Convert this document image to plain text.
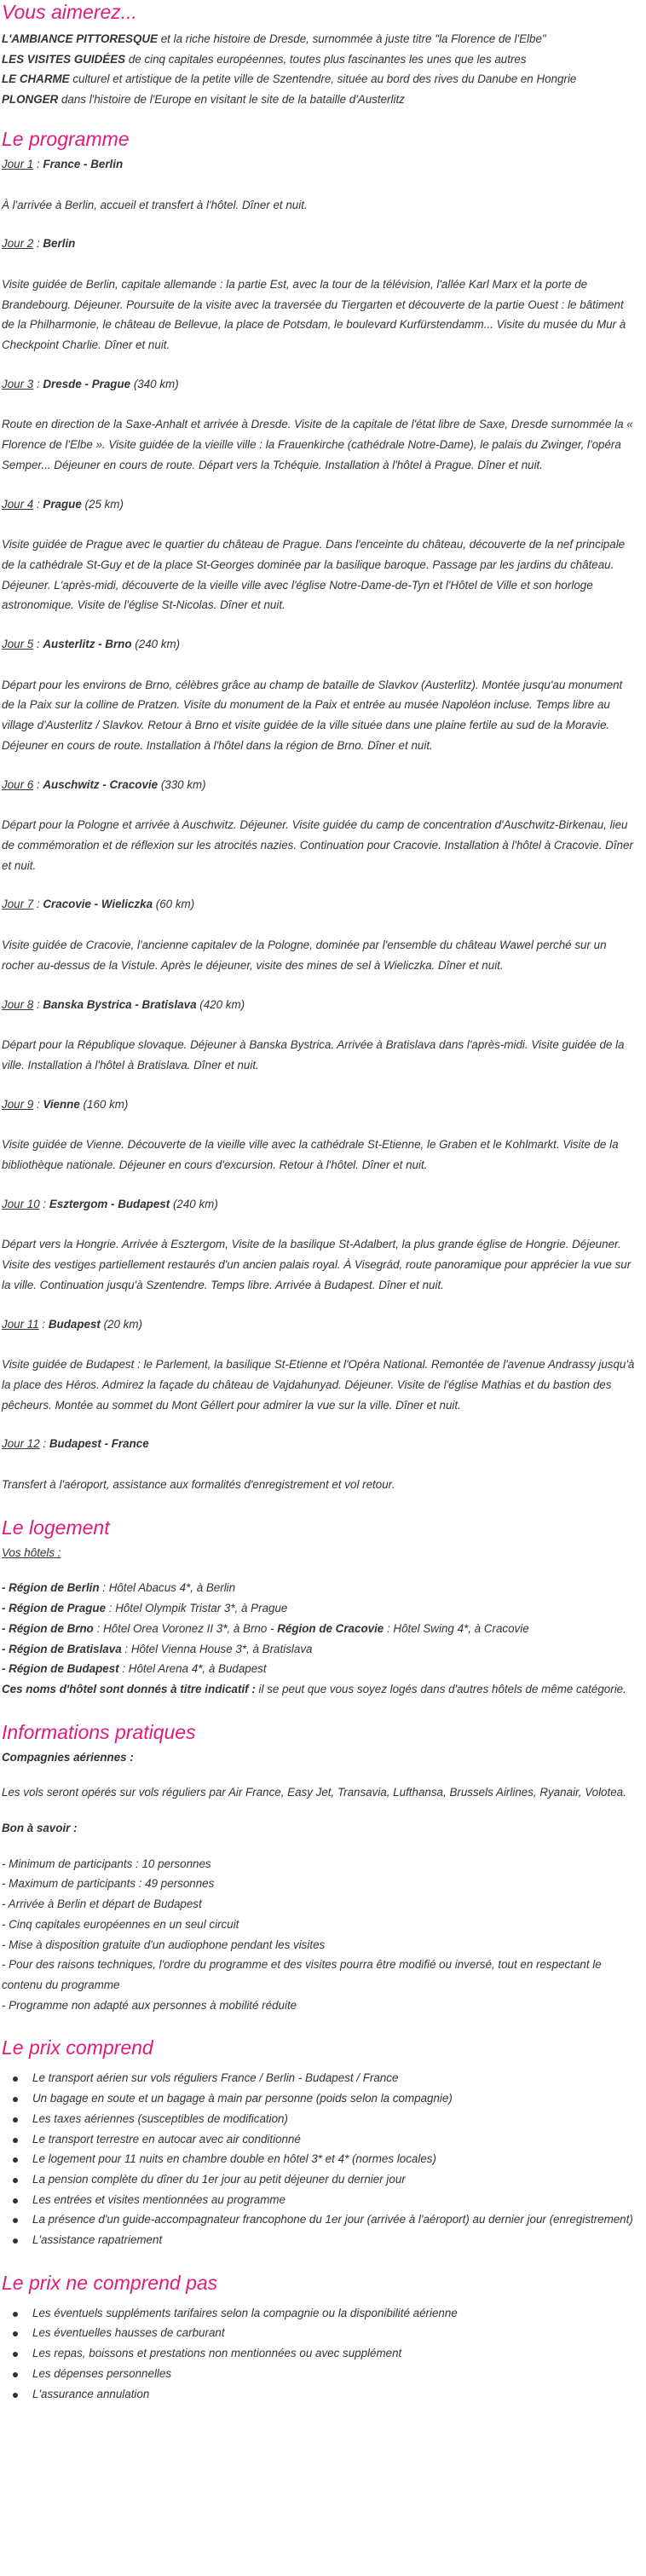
Vous aimerez...

L'AMBIANCE PITTORESQUE et la riche histoire de Dresde, surnommée à juste titre "la Florence de l'Elbe"

LES VISITES GUIDÉES de cinq capitales européennes, toutes plus fascinantes les unes que les autres

LE CHARME culturel et artistique de la petite ville de Szentendre, située au bord des rives du Danube en Hongrie

PLONGER dans l'histoire de l'Europe en visitant le site de la bataille d'Austerlitz

Le programme

Jour 1 : France - Berlin

À l'arrivée à Berlin, accueil et transfert à l'hôtel. Dîner et nuit.

Jour 2 : Berlin

Visite guidée de Berlin, capitale allemande : la partie Est, avec la tour de la télévision, l'allée Karl Marx et la porte de Brandebourg. Déjeuner. Poursuite de la visite avec la traversée du Tiergarten et découverte de la partie Ouest : le bâtiment de la Philharmonie, le château de Bellevue, la place de Potsdam, le boulevard Kurfürstendamm... Visite du musée du Mur à Checkpoint Charlie. Dîner et nuit.

Jour 3 : Dresde - Prague (340 km)

Route en direction de la Saxe-Anhalt et arrivée à Dresde. Visite de la capitale de l'état libre de Saxe, Dresde surnommée la « Florence de l'Elbe ». Visite guidée de la vieille ville : la Frauenkirche (cathédrale Notre-Dame), le palais du Zwinger, l'opéra Semper... Déjeuner en cours de route. Départ vers la Tchéquie. Installation à l'hôtel à Prague. Dîner et nuit.

Jour 4 : Prague (25 km)

Visite guidée de Prague avec le quartier du château de Prague. Dans l'enceinte du château, découverte de la nef principale de la cathédrale St-Guy et de la place St-Georges dominée par la basilique baroque. Passage par les jardins du château. Déjeuner. L'après-midi, découverte de la vieille ville avec l'église Notre-Dame-de-Tyn et l'Hôtel de Ville et son horloge astronomique. Visite de l'église St-Nicolas. Dîner et nuit.

Jour 5 : Austerlitz - Brno (240 km)

Départ pour les environs de Brno, célèbres grâce au champ de bataille de Slavkov (Austerlitz). Montée jusqu'au monument de la Paix sur la colline de Pratzen. Visite du monument de la Paix et entrée au musée Napoléon incluse. Temps libre au village d'Austerlitz / Slavkov. Retour à Brno et visite guidée de la ville située dans une plaine fertile au sud de la Moravie. Déjeuner en cours de route. Installation à l'hôtel dans la région de Brno. Dîner et nuit.

Jour 6 : Auschwitz - Cracovie (330 km)

Départ pour la Pologne et arrivée à Auschwitz. Déjeuner. Visite guidée du camp de concentration d'Auschwitz-Birkenau, lieu de commémoration et de réflexion sur les atrocités nazies. Continuation pour Cracovie. Installation à l'hôtel à Cracovie. Dîner et nuit.

Jour 7 : Cracovie - Wieliczka (60 km)

Visite guidée de Cracovie, l'ancienne capitalev de la Pologne, dominée par l'ensemble du château Wawel perché sur un rocher au-dessus de la Vistule. Après le déjeuner, visite des mines de sel à Wieliczka. Dîner et nuit.

Jour 8 : Banska Bystrica - Bratislava (420 km)

Départ pour la République slovaque. Déjeuner à Banska Bystrica. Arrivée à Bratislava dans l'après-midi. Visite guidée de la ville. Installation à l'hôtel à Bratislava. Dîner et nuit.

Jour 9 : Vienne (160 km)

Visite guidée de Vienne. Découverte de la vieille ville avec la cathédrale St-Etienne, le Graben et le Kohlmarkt. Visite de la bibliothèque nationale. Déjeuner en cours d'excursion. Retour à l'hôtel. Dîner et nuit.

Jour 10 : Esztergom - Budapest (240 km)

Départ vers la Hongrie. Arrivée à Esztergom, Visite de la basilique St-Adalbert, la plus grande église de Hongrie. Déjeuner. Visite des vestiges partiellement restaurés d'un ancien palais royal. À Visegrád, route panoramique pour apprécier la vue sur la ville. Continuation jusqu'à Szentendre. Temps libre. Arrivée à Budapest. Dîner et nuit.

Jour 11 : Budapest (20 km)

Visite guidée de Budapest : le Parlement, la basilique St-Etienne et l'Opéra National. Remontée de l'avenue Andrassy jusqu'à la place des Héros. Admirez la façade du château de Vajdahunyad. Déjeuner. Visite de l'église Mathias et du bastion des pêcheurs. Montée au sommet du Mont Géllert pour admirer la vue sur la ville. Dîner et nuit.

Jour 12 : Budapest - France

Transfert à l'aéroport, assistance aux formalités d'enregistrement et vol retour.

Le logement

Vos hôtels :

- Région de Berlin : Hôtel Abacus 4*, à Berlin

- Région de Prague : Hôtel Olympik Tristar 3*, à Prague

- Région de Brno : Hôtel Orea Voronez II 3*, à Brno - Région de Cracovie : Hôtel Swing 4*, à Cracovie

- Région de Bratislava : Hôtel Vienna House 3*, à Bratislava

- Région de Budapest : Hôtel Arena 4*, à Budapest

Ces noms d'hôtel sont donnés à titre indicatif : il se peut que vous soyez logés dans d'autres hôtels de même catégorie.

Informations pratiques

Compagnies aériennes :

Les vols seront opérés sur vols réguliers par Air France, Easy Jet, Transavia, Lufthansa, Brussels Airlines, Ryanair, Volotea.

Bon à savoir :

- Minimum de participants : 10 personnes
- Maximum de participants : 49 personnes
- Arrivée à Berlin et départ de Budapest
- Cinq capitales européennes en un seul circuit
- Mise à disposition gratuite d'un audiophone pendant les visites
- Pour des raisons techniques, l'ordre du programme et des visites pourra être modifié ou inversé, tout en respectant le contenu du programme
- Programme non adapté aux personnes à mobilité réduite
Le prix comprend
Le transport aérien sur vols réguliers France / Berlin - Budapest / France
Un bagage en soute et un bagage à main par personne (poids selon la compagnie)
Les taxes aériennes (susceptibles de modification)
Le transport terrestre en autocar avec air conditionné
Le logement pour 11 nuits en chambre double en hôtel 3* et 4* (normes locales)
La pension complète du dîner du 1er jour au petit déjeuner du dernier jour
Les entrées et visites mentionnées au programme
La présence d'un guide-accompagnateur francophone du 1er jour (arrivée à l'aéroport) au dernier jour (enregistrement)
L'assistance rapatriement
Le prix ne comprend pas
Les éventuels suppléments tarifaires selon la compagnie ou la disponibilité aérienne
Les éventuelles hausses de carburant
Les repas, boissons et prestations non mentionnées ou avec supplément
Les dépenses personnelles
L'assurance annulation
